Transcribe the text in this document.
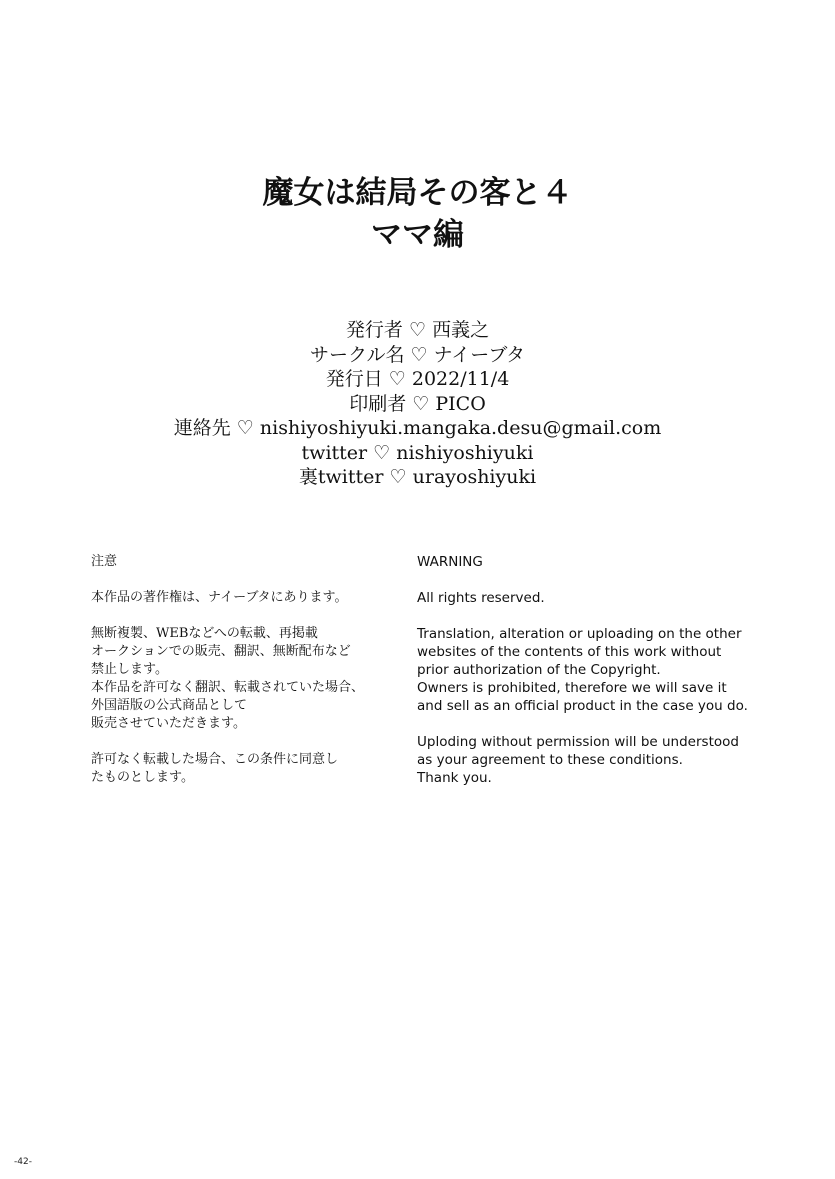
魔女は結局その客と４
ママ編
発行者 ♡ 西義之
サークル名 ♡ ナイーブタ
発行日 ♡ 2022/11/4
印刷者 ♡ PICO
連絡先 ♡ nishiyoshiyuki.mangaka.desu@gmail.com
twitter ♡ nishiyoshiyuki
裏twitter ♡ urayoshiyuki
注意
本作品の著作権は、ナイーブタにあります。
無断複製、WEBなどへの転載、再掲載
オークションでの販売、翻訳、無断配布など
禁止します。
本作品を許可なく翻訳、転載されていた場合、
外国語版の公式商品として
販売させていただきます。
許可なく転載した場合、この条件に同意し
たものとします。
WARNING
All rights reserved.
Translation, alteration or uploading on the other
websites of the contents of this work without
prior authorization of the Copyright.
Owners is prohibited, therefore we will save it
and sell as an official product in the case you do.
Uploding without permission will be understood
as your agreement to these conditions.
Thank you.
-42-
